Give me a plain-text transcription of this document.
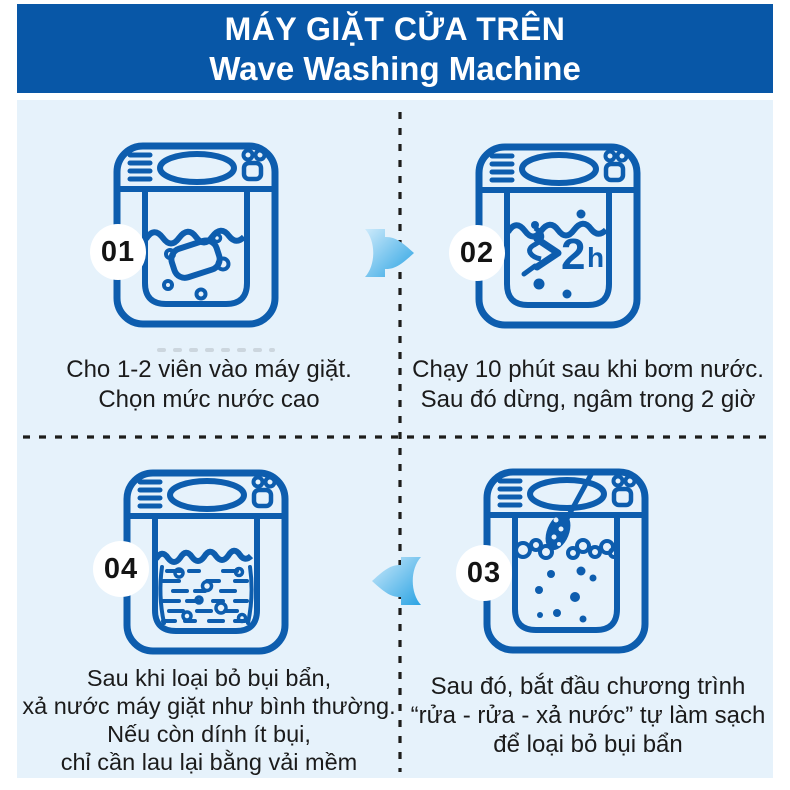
MÁY GIẶT CỬA TRÊN
Wave Washing Machine
2 h
01	02
03
04
Cho 1-2 viên vào máy giặt.
Chọn mức nước cao
Chạy 10 phút sau khi bơm nước.
Sau đó dừng, ngâm trong 2 giờ
Sau đó, bắt đầu chương trình
“rửa - rửa - xả nước” tự làm sạch
để loại bỏ bụi bẩn
Sau khi loại bỏ bụi bẩn,
xả nước máy giặt như bình thường.
Nếu còn dính ít bụi,
chỉ cần lau lại bằng vải mềm
